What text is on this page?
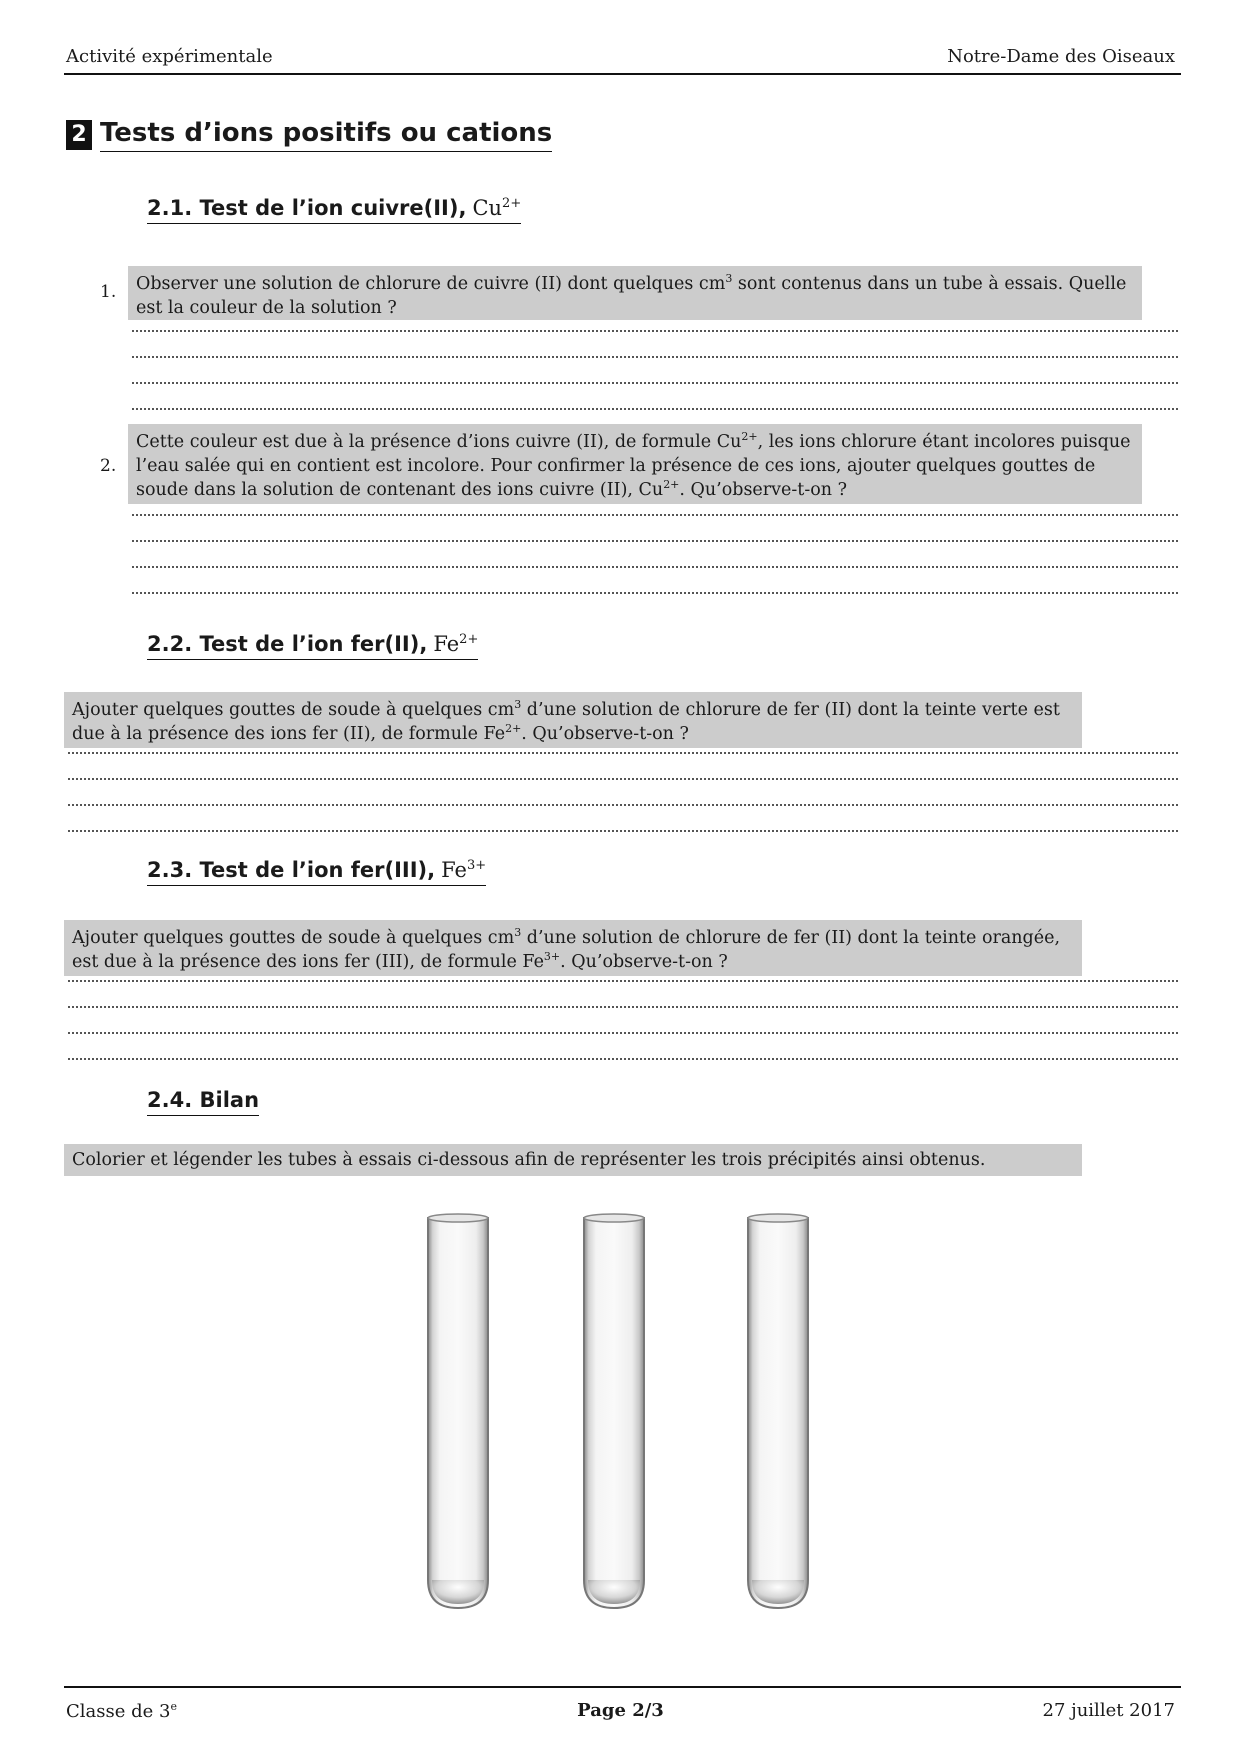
Activité expérimentale	Notre-Dame des Oiseaux
2 Tests d’ions positifs ou cations
2.1. Test de l’ion cuivre(II), $Cu^{2+}$
1.	Observer une solution de chlorure de cuivre (II) dont quelques $cm^3$ sont contenus dans un tube à essais. Quelle est la couleur de la solution ?
2.
Cette couleur est due à la présence d’ions cuivre (II), de formule $Cu^{2+}$, les ions chlorure étant incolores puisque l’eau salée qui en contient est incolore. Pour confirmer la présence de ces ions, ajouter quelques gouttes de soude dans la solution de contenant des ions cuivre (II), $Cu^{2+}$. Qu’observe-t-on ?
2.2. Test de l’ion fer(II), $Fe^{2+}$
Ajouter quelques gouttes de soude à quelques $cm^3$ d’une solution de chlorure de fer (II) dont la teinte verte est due à la présence des ions fer (II), de formule $Fe^{2+}$. Qu’observe-t-on ?
2.3. Test de l’ion fer(III), $Fe^{3+}$
Ajouter quelques gouttes de soude à quelques $cm^3$ d’une solution de chlorure de fer (II) dont la teinte orangée, est due à la présence des ions fer (III), de formule $Fe^{3+}$. Qu’observe-t-on ?
2.4. Bilan
Colorier et légender les tubes à essais ci-dessous afin de représenter les trois précipités ainsi obtenus.
Classe de 3e	Page 2/3	27 juillet 2017
